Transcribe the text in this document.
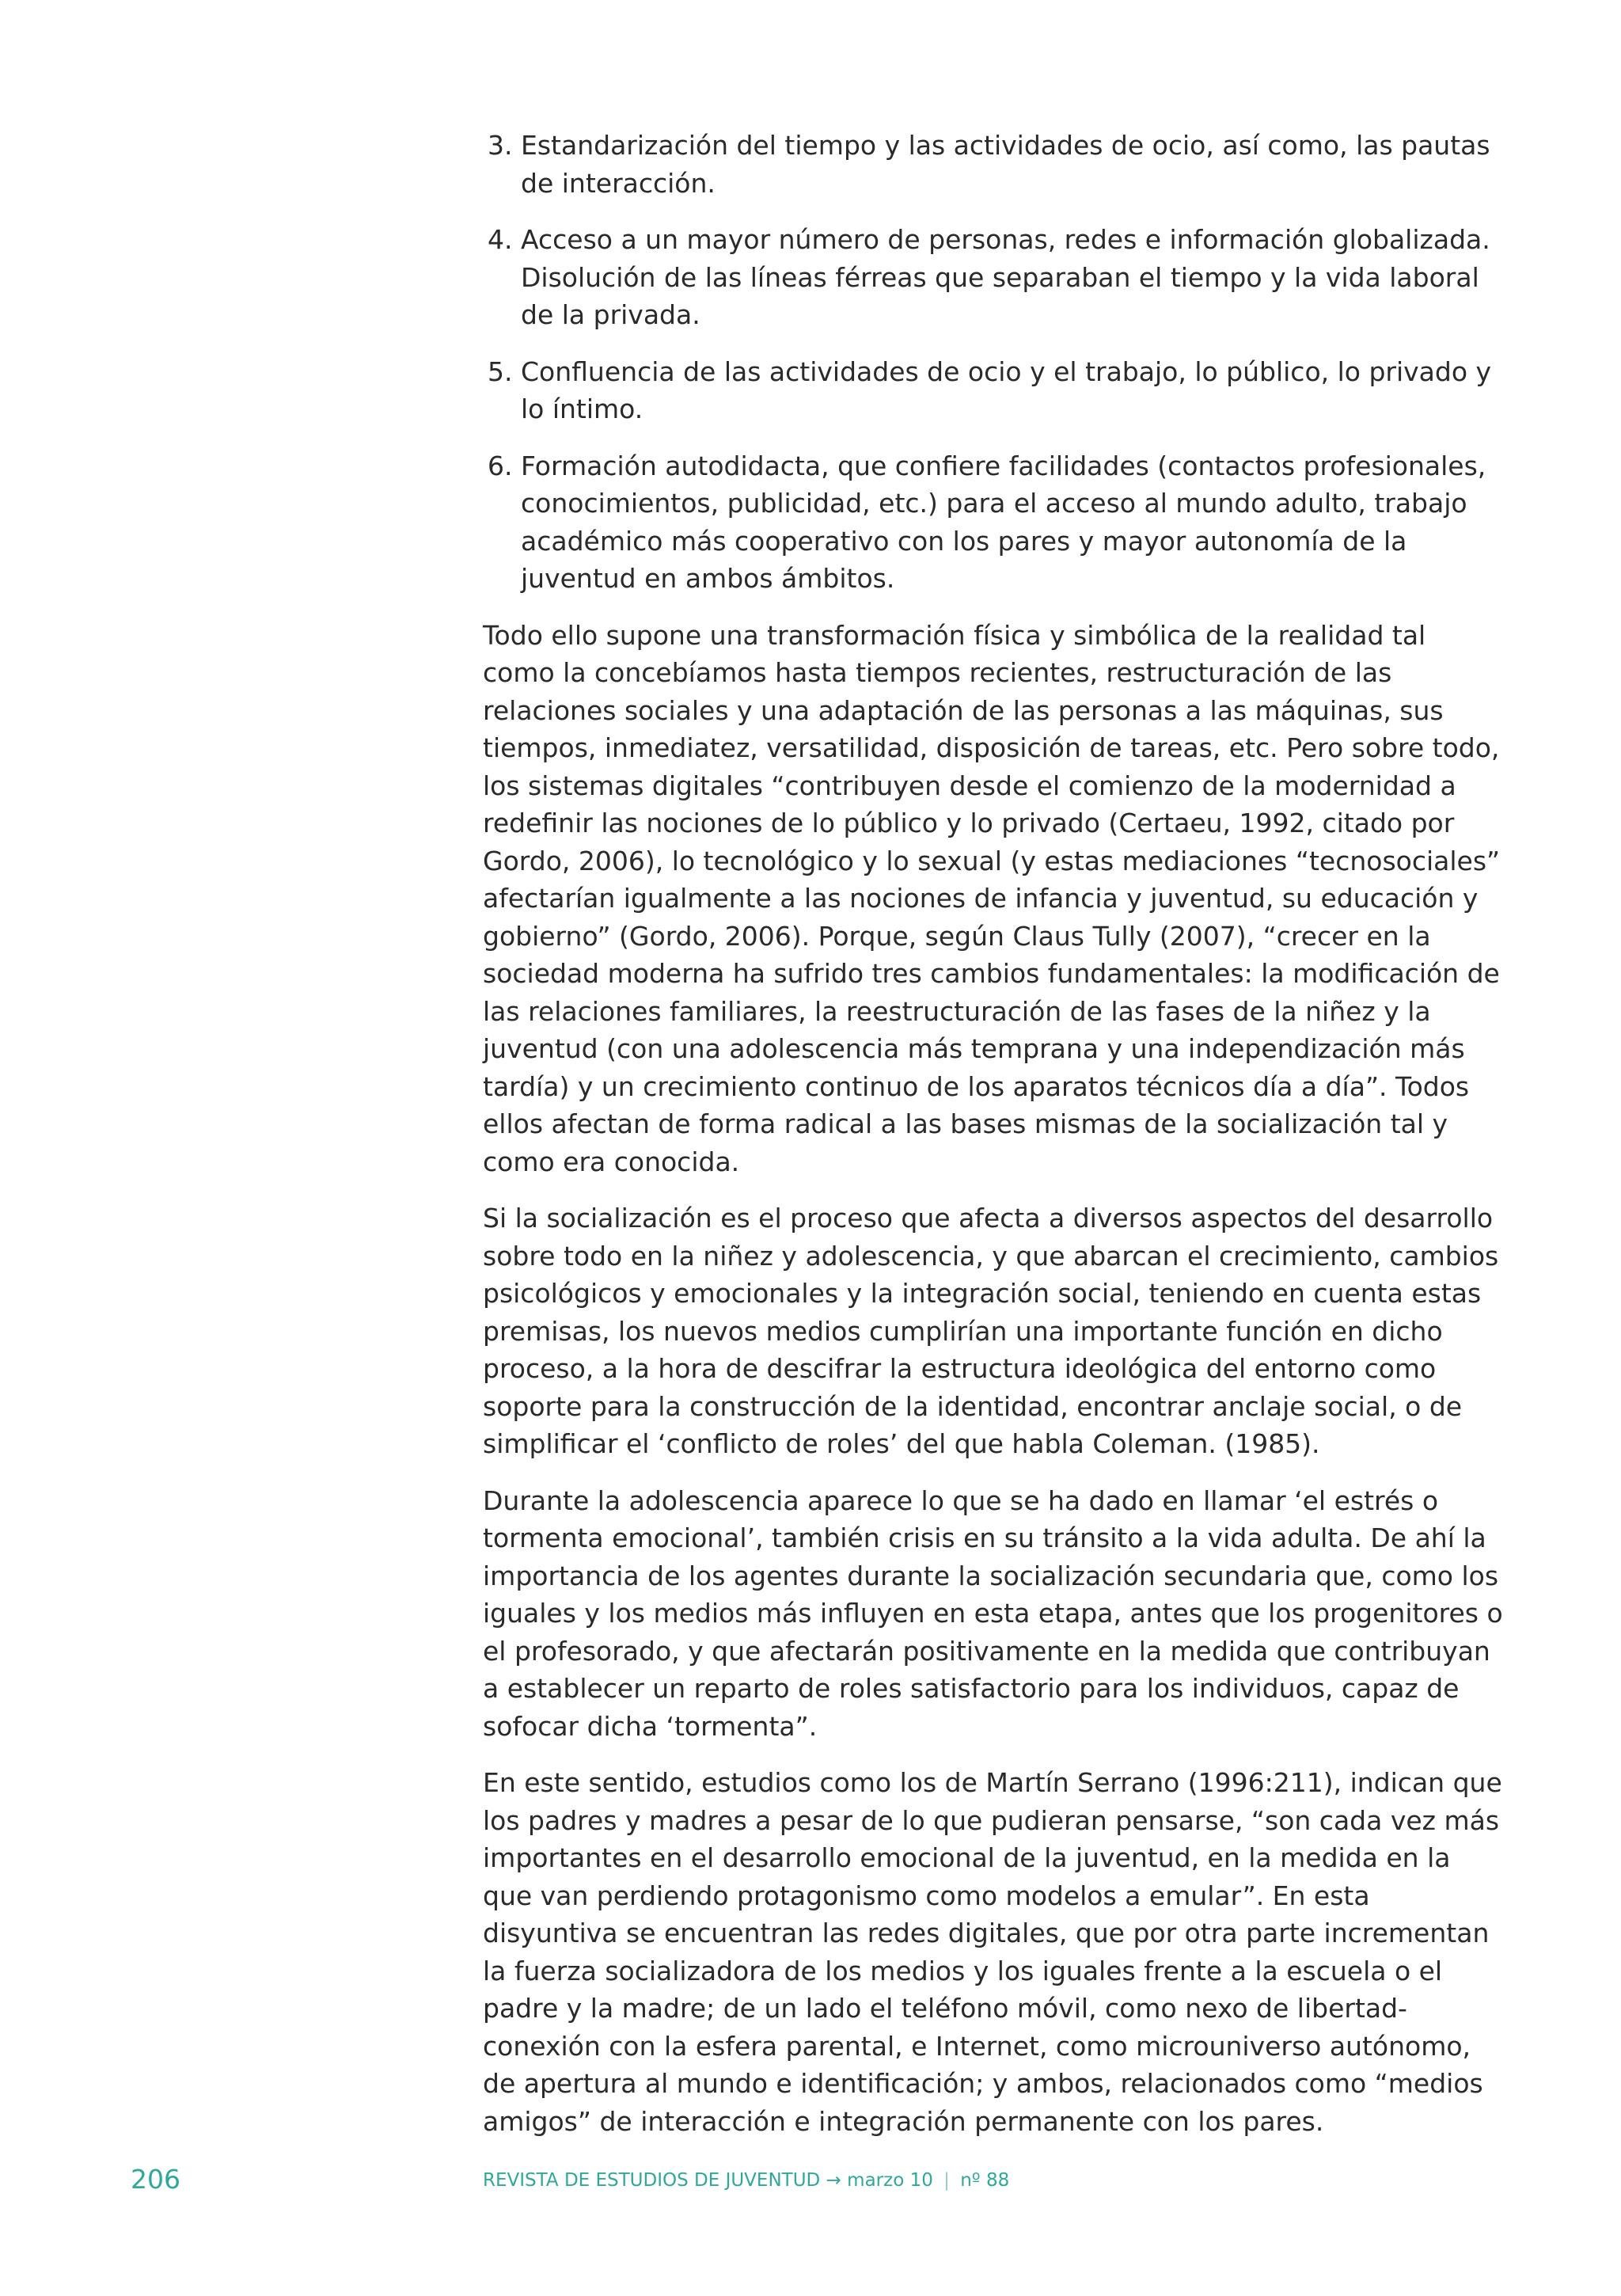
3. Estandarización del tiempo y las actividades de ocio, así como, las pautas de interacción.
4. Acceso a un mayor número de personas, redes e información globalizada. Disolución de las líneas férreas que separaban el tiempo y la vida laboral de la privada.
5. Confluencia de las actividades de ocio y el trabajo, lo público, lo privado y lo íntimo.
6. Formación autodidacta, que confiere facilidades (contactos profesionales, conocimientos, publicidad, etc.) para el acceso al mundo adulto, trabajo académico más cooperativo con los pares y mayor autonomía de la juventud en ambos ámbitos.

Todo ello supone una transformación física y simbólica de la realidad tal como la concebíamos hasta tiempos recientes, restructuración de las relaciones sociales y una adaptación de las personas a las máquinas, sus tiempos, inmediatez, versatilidad, disposición de tareas, etc. Pero sobre todo, los sistemas digitales “contribuyen desde el comienzo de la modernidad a redefinir las nociones de lo público y lo privado (Certaeu, 1992, citado por Gordo, 2006), lo tecnológico y lo sexual (y estas mediaciones “tecnosociales” afectarían igualmente a las nociones de infancia y juventud, su educación y gobierno” (Gordo, 2006). Porque, según Claus Tully (2007), “crecer en la sociedad moderna ha sufrido tres cambios fundamentales: la modificación de las relaciones familiares, la reestructuración de las fases de la niñez y la juventud (con una adolescencia más temprana y una independización más tardía) y un crecimiento continuo de los aparatos técnicos día a día”. Todos ellos afectan de forma radical a las bases mismas de la socialización tal y como era conocida.

Si la socialización es el proceso que afecta a diversos aspectos del desarrollo sobre todo en la niñez y adolescencia, y que abarcan el crecimiento, cambios psicológicos y emocionales y la integración social, teniendo en cuenta estas premisas, los nuevos medios cumplirían una importante función en dicho proceso, a la hora de descifrar la estructura ideológica del entorno como soporte para la construcción de la identidad, encontrar anclaje social, o de simplificar el ‘conflicto de roles’ del que habla Coleman. (1985).

Durante la adolescencia aparece lo que se ha dado en llamar ‘el estrés o tormenta emocional’, también crisis en su tránsito a la vida adulta. De ahí la importancia de los agentes durante la socialización secundaria que, como los iguales y los medios más influyen en esta etapa, antes que los progenitores o el profesorado, y que afectarán positivamente en la medida que contribuyan a establecer un reparto de roles satisfactorio para los individuos, capaz de sofocar dicha ‘tormenta”.

En este sentido, estudios como los de Martín Serrano (1996:211), indican que los padres y madres a pesar de lo que pudieran pensarse, “son cada vez más importantes en el desarrollo emocional de la juventud, en la medida en la que van perdiendo protagonismo como modelos a emular”. En esta disyuntiva se encuentran las redes digitales, que por otra parte incrementan la fuerza socializadora de los medios y los iguales frente a la escuela o el padre y la madre; de un lado el teléfono móvil, como nexo de libertad-conexión con la esfera parental, e Internet, como microuniverso autónomo, de apertura al mundo e identificación; y ambos, relacionados como “medios amigos” de interacción e integración permanente con los pares.

206	REVISTA DE ESTUDIOS DE JUVENTUD → marzo 10 | nº 88
